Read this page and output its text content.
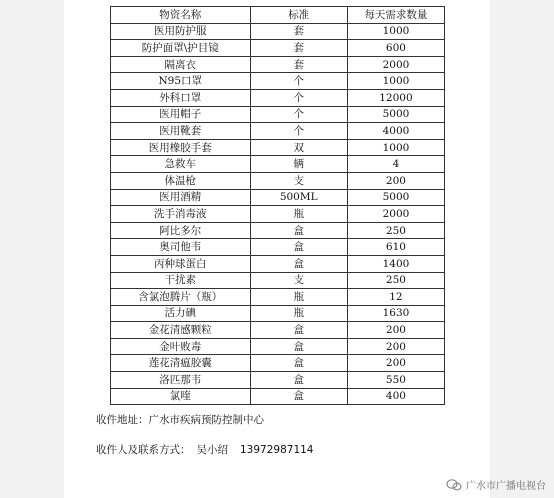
物资名称	标准	每天需求数量
医用防护服	套	1000
防护面罩\护目镜	套	600
隔离衣	套	2000
N95口罩	个	1000
外科口罩	个	12000
医用帽子	个	5000
医用靴套	个	4000
医用橡胶手套	双	1000
急救车	辆	4
体温枪	支	200
医用酒精	500ML	5000
洗手消毒液	瓶	2000
阿比多尔	盒	250
奥司他韦	盒	610
丙种球蛋白	盒	1400
干扰素	支	250
含氯泡腾片（瓶）	瓶	12
活力碘	瓶	1630
金花清感颗粒	盒	200
金叶败毒	盒	200
莲花清瘟胶囊	盒	200
洛匹那韦	盒	550
氯喹	盒	400
收件地址：广水市疾病预防控制中心
收件人及联系方式： 吴小绍 13972987114
广水市广播电视台
